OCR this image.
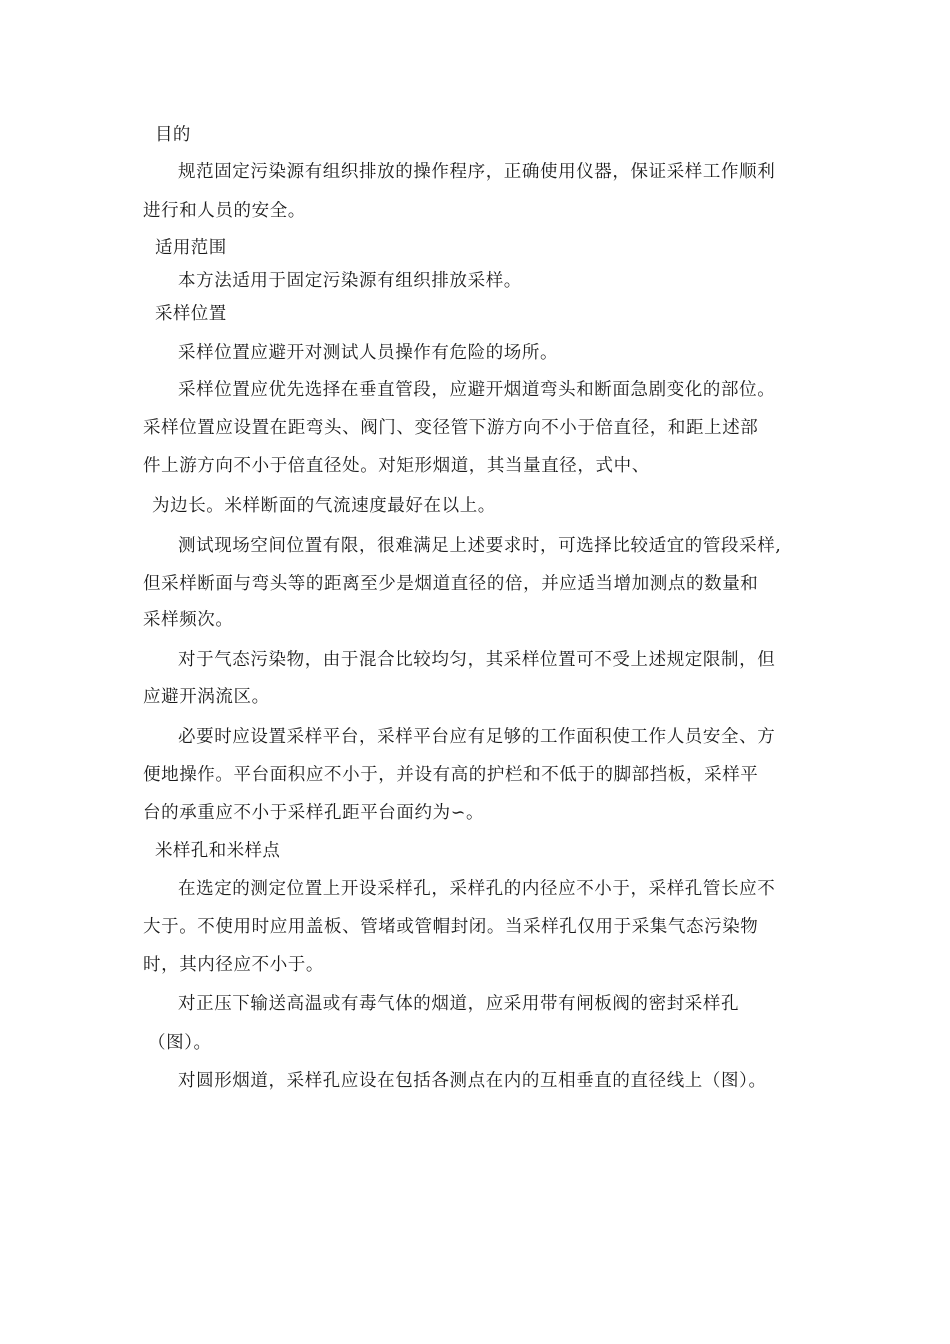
目的
规范固定污染源有组织排放的操作程序，正确使用仪器，保证采样工作顺利
进行和人员的安全。
适用范围
本方法适用于固定污染源有组织排放采样。
采样位置
采样位置应避开对测试人员操作有危险的场所。
采样位置应优先选择在垂直管段，应避开烟道弯头和断面急剧变化的部位。
采样位置应设置在距弯头、阀门、变径管下游方向不小于倍直径，和距上述部
件上游方向不小于倍直径处。对矩形烟道，其当量直径，式中、
为边长。米样断面的气流速度最好在以上。
测试现场空间位置有限，很难满足上述要求时，可选择比较适宜的管段采样,
但采样断面与弯头等的距离至少是烟道直径的倍，并应适当增加测点的数量和
采样频次。
对于气态污染物，由于混合比较均匀，其采样位置可不受上述规定限制，但
应避开涡流区。
必要时应设置采样平台，采样平台应有足够的工作面积使工作人员安全、方
便地操作。平台面积应不小于，并设有高的护栏和不低于的脚部挡板，采样平
台的承重应不小于采样孔距平台面约为∽。
米样孔和米样点
在选定的测定位置上开设采样孔，采样孔的内径应不小于，采样孔管长应不
大于。不使用时应用盖板、管堵或管帽封闭。当采样孔仅用于采集气态污染物
时，其内径应不小于。
对正压下输送高温或有毒气体的烟道，应采用带有闸板阀的密封采样孔
（图）。
对圆形烟道，采样孔应设在包括各测点在内的互相垂直的直径线上（图）。
